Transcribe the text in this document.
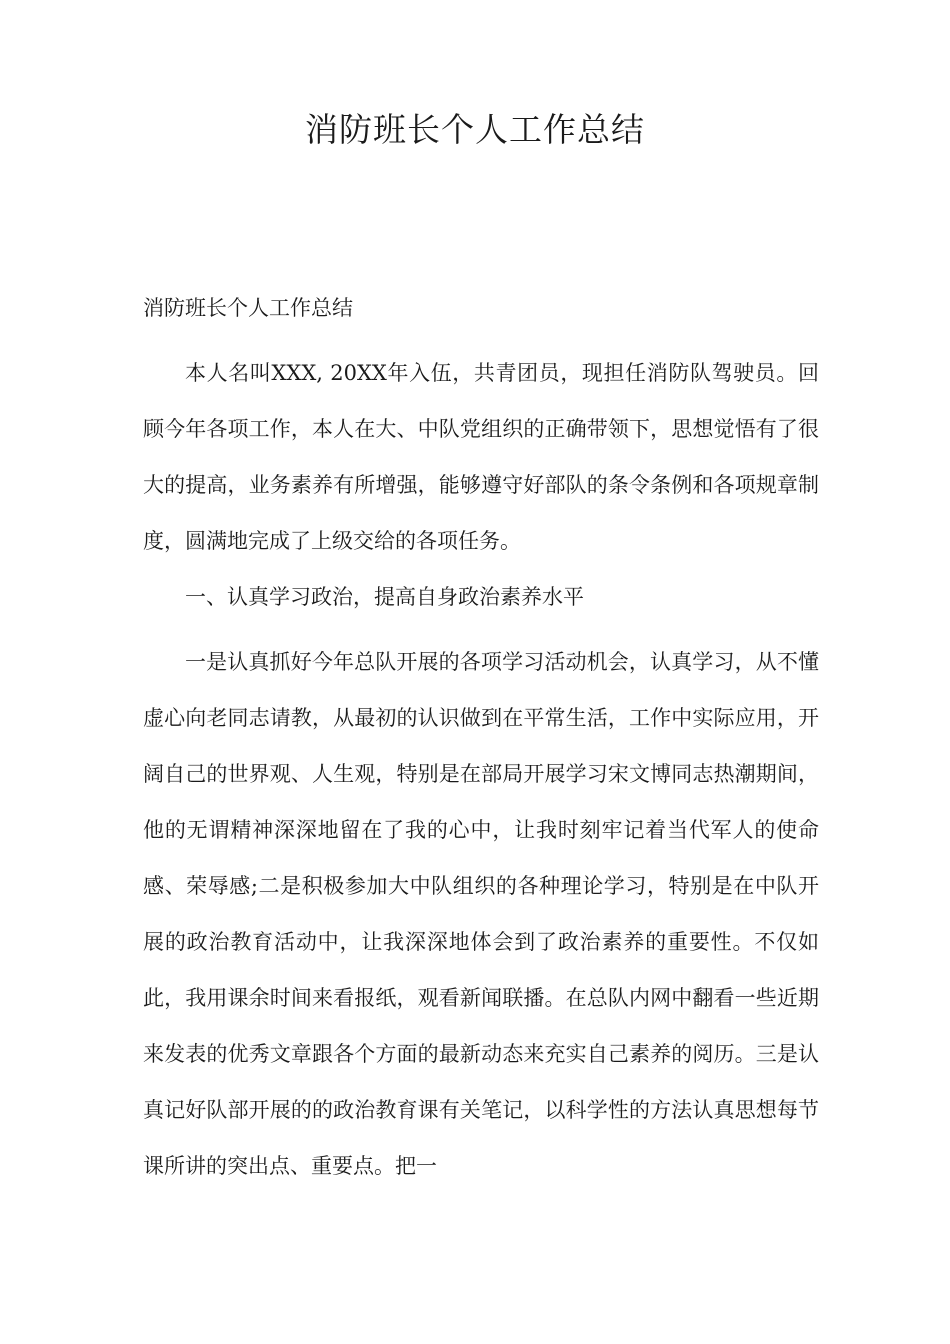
消防班长个人工作总结

消防班长个人工作总结

本人名叫XXX, 20XX年入伍，共青团员，现担任消防队驾驶员。回顾今年各项工作，本人在大、中队党组织的正确带领下，思想觉悟有了很大的提高，业务素养有所增强，能够遵守好部队的条令条例和各项规章制度，圆满地完成了上级交给的各项任务。

一、认真学习政治，提高自身政治素养水平

一是认真抓好今年总队开展的各项学习活动机会，认真学习，从不懂虚心向老同志请教，从最初的认识做到在平常生活，工作中实际应用，开阔自己的世界观、人生观，特别是在部局开展学习宋文博同志热潮期间，他的无谓精神深深地留在了我的心中，让我时刻牢记着当代军人的使命感、荣辱感;二是积极参加大中队组织的各种理论学习，特别是在中队开展的政治教育活动中，让我深深地体会到了政治素养的重要性。不仅如此，我用课余时间来看报纸，观看新闻联播。在总队内网中翻看一些近期来发表的优秀文章跟各个方面的最新动态来充实自己素养的阅历。三是认真记好队部开展的的政治教育课有关笔记，以科学性的方法认真思想每节课所讲的突出点、重要点。把一
